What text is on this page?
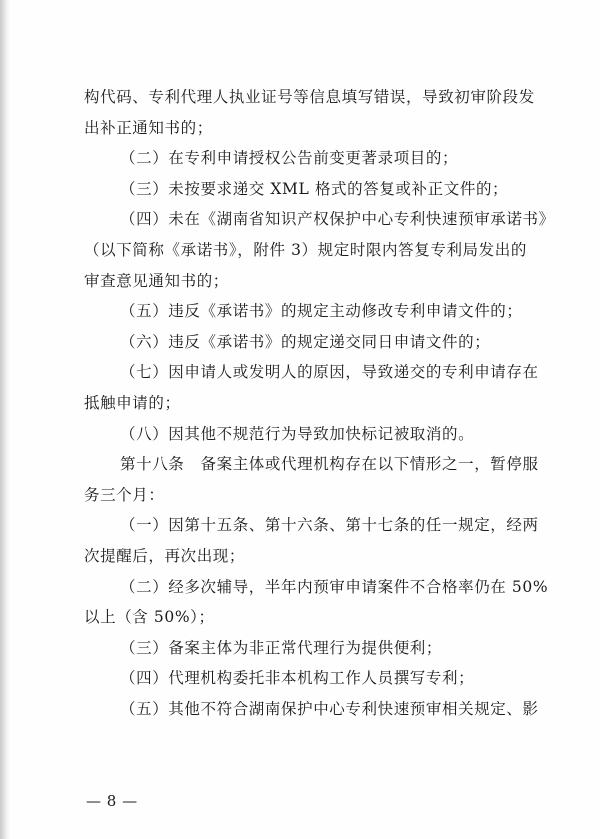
构代码、专利代理人执业证号等信息填写错误，导致初审阶段发
出补正通知书的；
（二）在专利申请授权公告前变更著录项目的；
（三）未按要求递交 XML 格式的答复或补正文件的；
（四）未在《湖南省知识产权保护中心专利快速预审承诺书》
（以下简称《承诺书》，附件 3）规定时限内答复专利局发出的
审查意见通知书的；
（五）违反《承诺书》的规定主动修改专利申请文件的；
（六）违反《承诺书》的规定递交同日申请文件的；
（七）因申请人或发明人的原因，导致递交的专利申请存在
抵触申请的；
（八）因其他不规范行为导致加快标记被取消的。
第十八条　备案主体或代理机构存在以下情形之一，暂停服
务三个月：
（一）因第十五条、第十六条、第十七条的任一规定，经两
次提醒后，再次出现；
（二）经多次辅导，半年内预审申请案件不合格率仍在 50%
以上（含 50%）；
（三）备案主体为非正常代理行为提供便利；
（四）代理机构委托非本机构工作人员撰写专利；
（五）其他不符合湖南保护中心专利快速预审相关规定、影
— 8 —
